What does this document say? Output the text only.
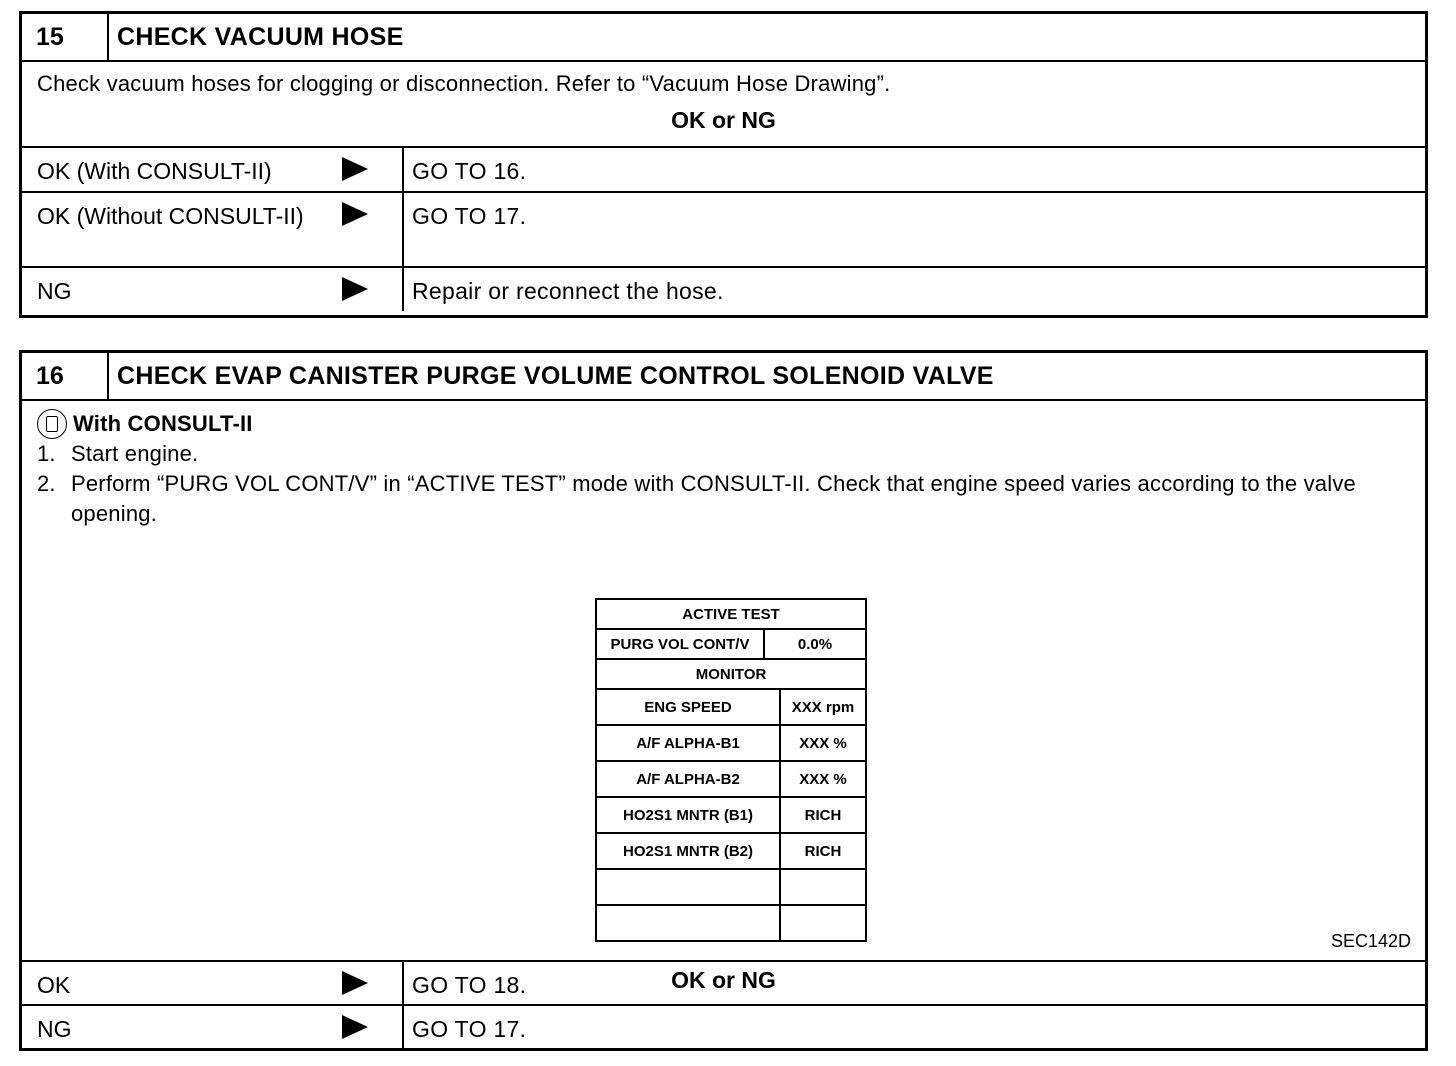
15	CHECK VACUUM HOSE
Check vacuum hoses for clogging or disconnection. Refer to “Vacuum Hose Drawing”.
OK or NG
OK (With CONSULT-II)	GO TO 16.
OK (Without CONSULT-II)	GO TO 17.
NG	Repair or reconnect the hose.
16	CHECK EVAP CANISTER PURGE VOLUME CONTROL SOLENOID VALVE
With CONSULT-II
1. Start engine.
2. Perform “PURG VOL CONT/V” in “ACTIVE TEST” mode with CONSULT-II. Check that engine speed varies according to the valve opening.
ACTIVE TEST
PURG VOL CONT/V	0.0%
MONITOR
ENG SPEED	XXX rpm
A/F ALPHA-B1	XXX %
A/F ALPHA-B2	XXX %
HO2S1 MNTR (B1)	RICH
HO2S1 MNTR (B2)	RICH
SEC142D
OK or NG
OK	GO TO 18.
NG	GO TO 17.
